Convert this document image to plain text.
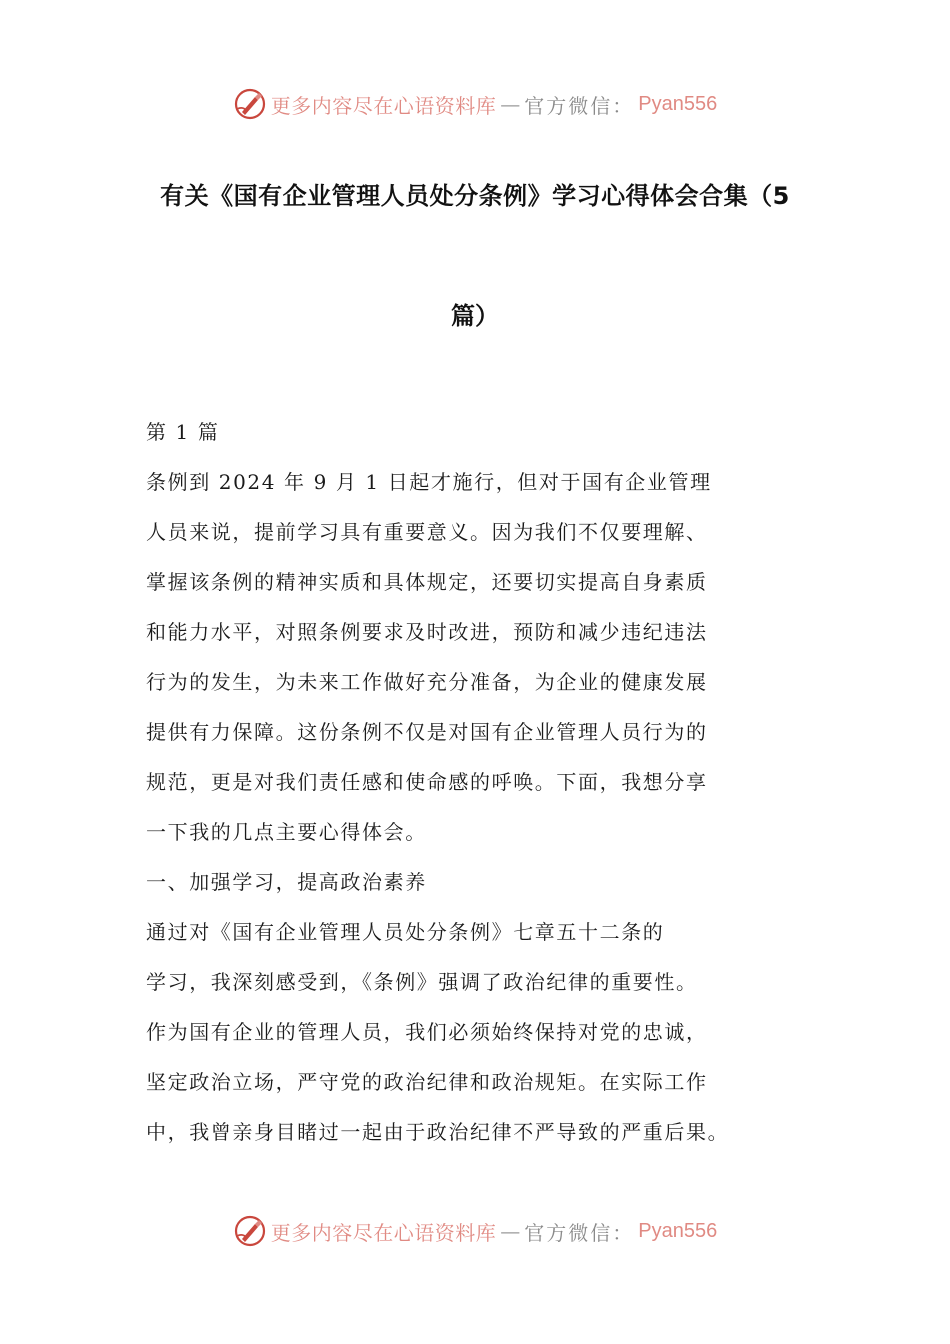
更多内容尽在心语资料库 — 官方微信： Pyan556
有关《国有企业管理人员处分条例》学习心得体会合集（5
篇）
第 1 篇
条例到 2024 年 9 月 1 日起才施行，但对于国有企业管理
人员来说，提前学习具有重要意义。因为我们不仅要理解、
掌握该条例的精神实质和具体规定，还要切实提高自身素质
和能力水平，对照条例要求及时改进，预防和减少违纪违法
行为的发生，为未来工作做好充分准备，为企业的健康发展
提供有力保障。这份条例不仅是对国有企业管理人员行为的
规范，更是对我们责任感和使命感的呼唤。下面，我想分享
一下我的几点主要心得体会。
一、加强学习，提高政治素养
通过对《国有企业管理人员处分条例》七章五十二条的
学习，我深刻感受到，《条例》强调了政治纪律的重要性。
作为国有企业的管理人员，我们必须始终保持对党的忠诚，
坚定政治立场，严守党的政治纪律和政治规矩。在实际工作
中，我曾亲身目睹过一起由于政治纪律不严导致的严重后果。
更多内容尽在心语资料库 — 官方微信： Pyan556
